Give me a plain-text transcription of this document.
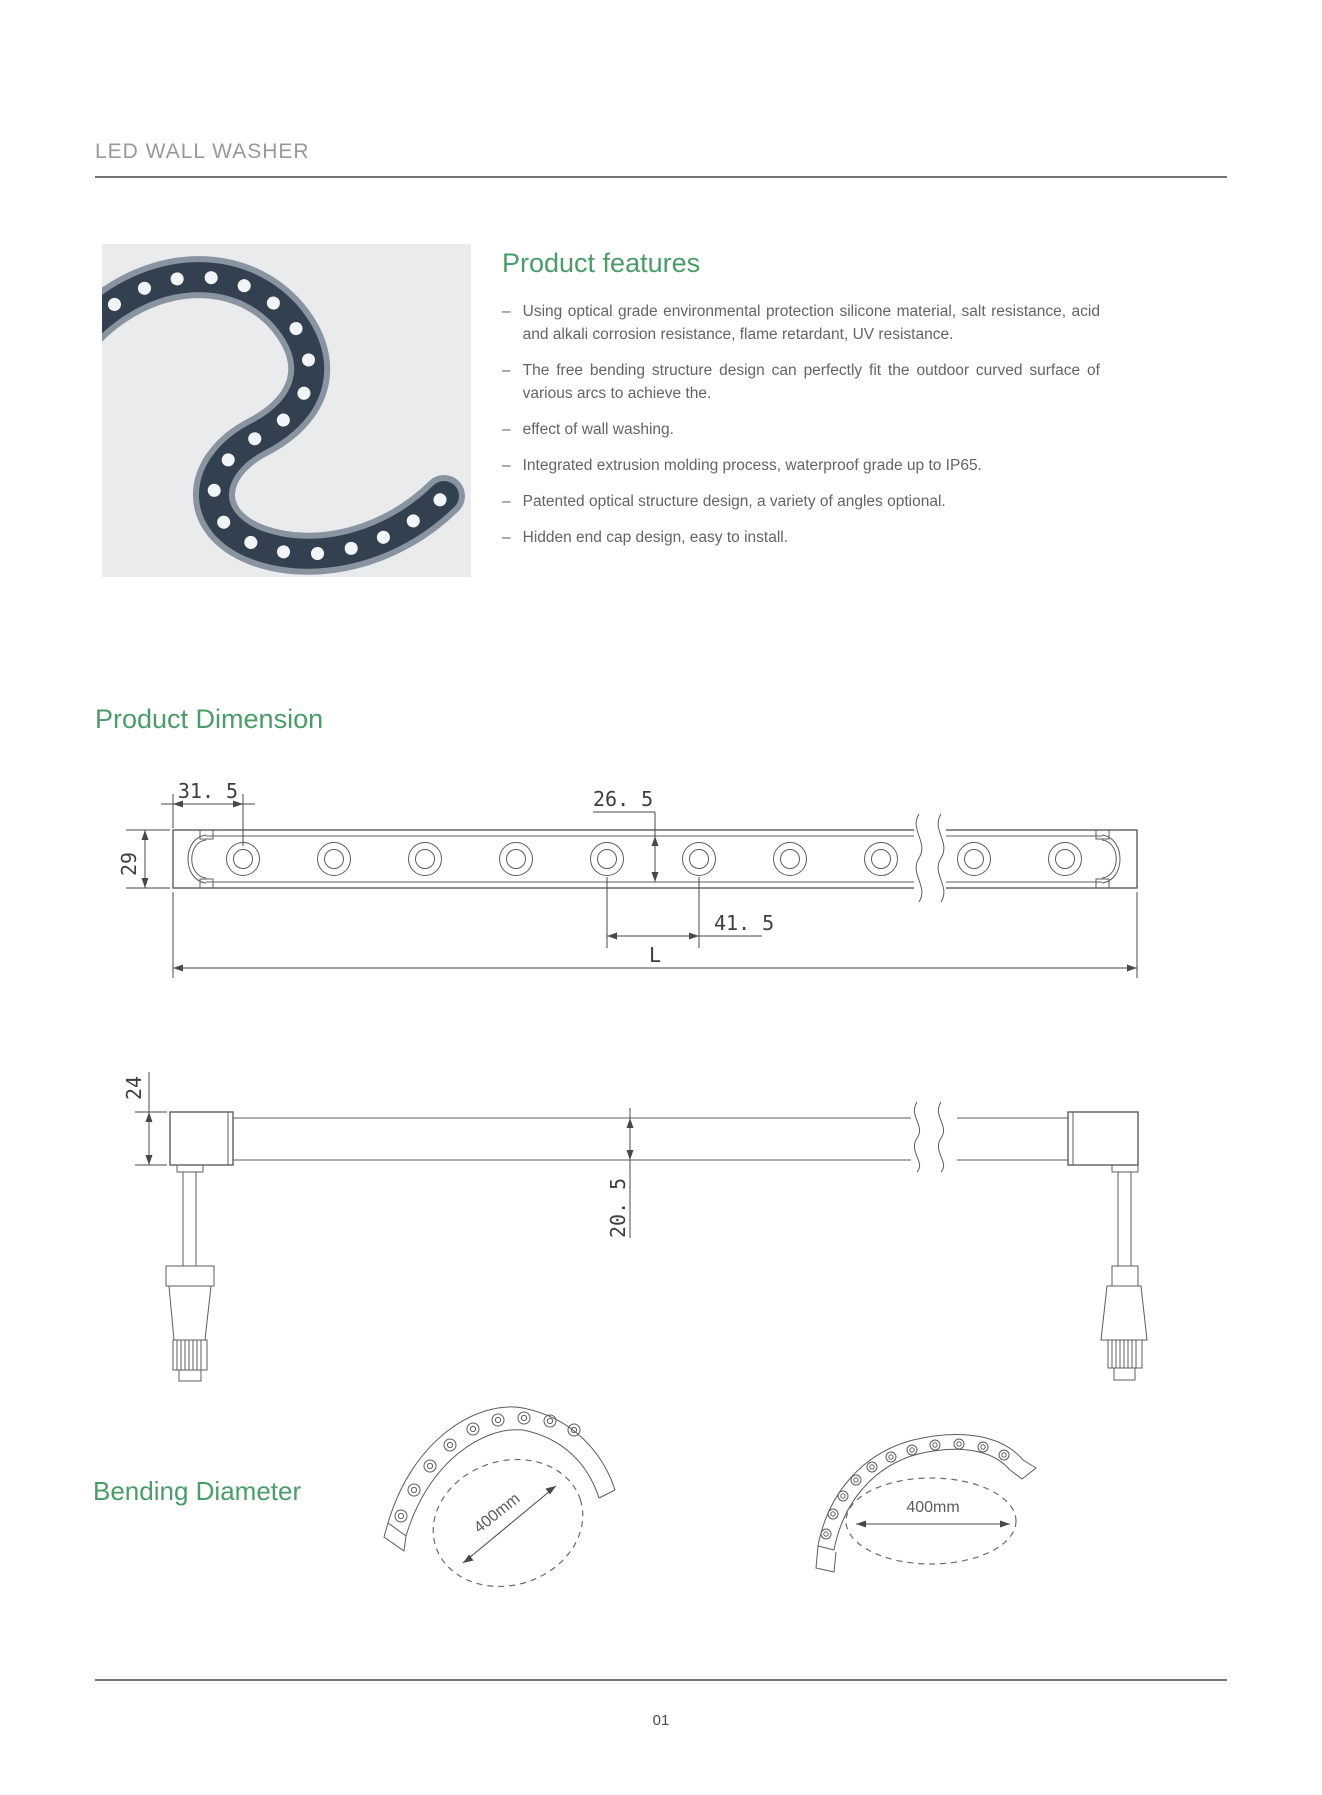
LED WALL WASHER
Product features
– Using optical grade environmental protection silicone material, salt resistance, acid and alkali corrosion resistance, flame retardant, UV resistance.
– The free bending structure design can perfectly fit the outdoor curved surface of various arcs to achieve the.
– effect of wall washing.
– Integrated extrusion molding process, waterproof grade up to IP65.
– Patented optical structure design, a variety of angles optional.
– Hidden end cap design, easy to install.
Product Dimension
31. 5
29
26. 5
41. 5
L
24
20. 5
Bending Diameter	400mm	400mm
01
